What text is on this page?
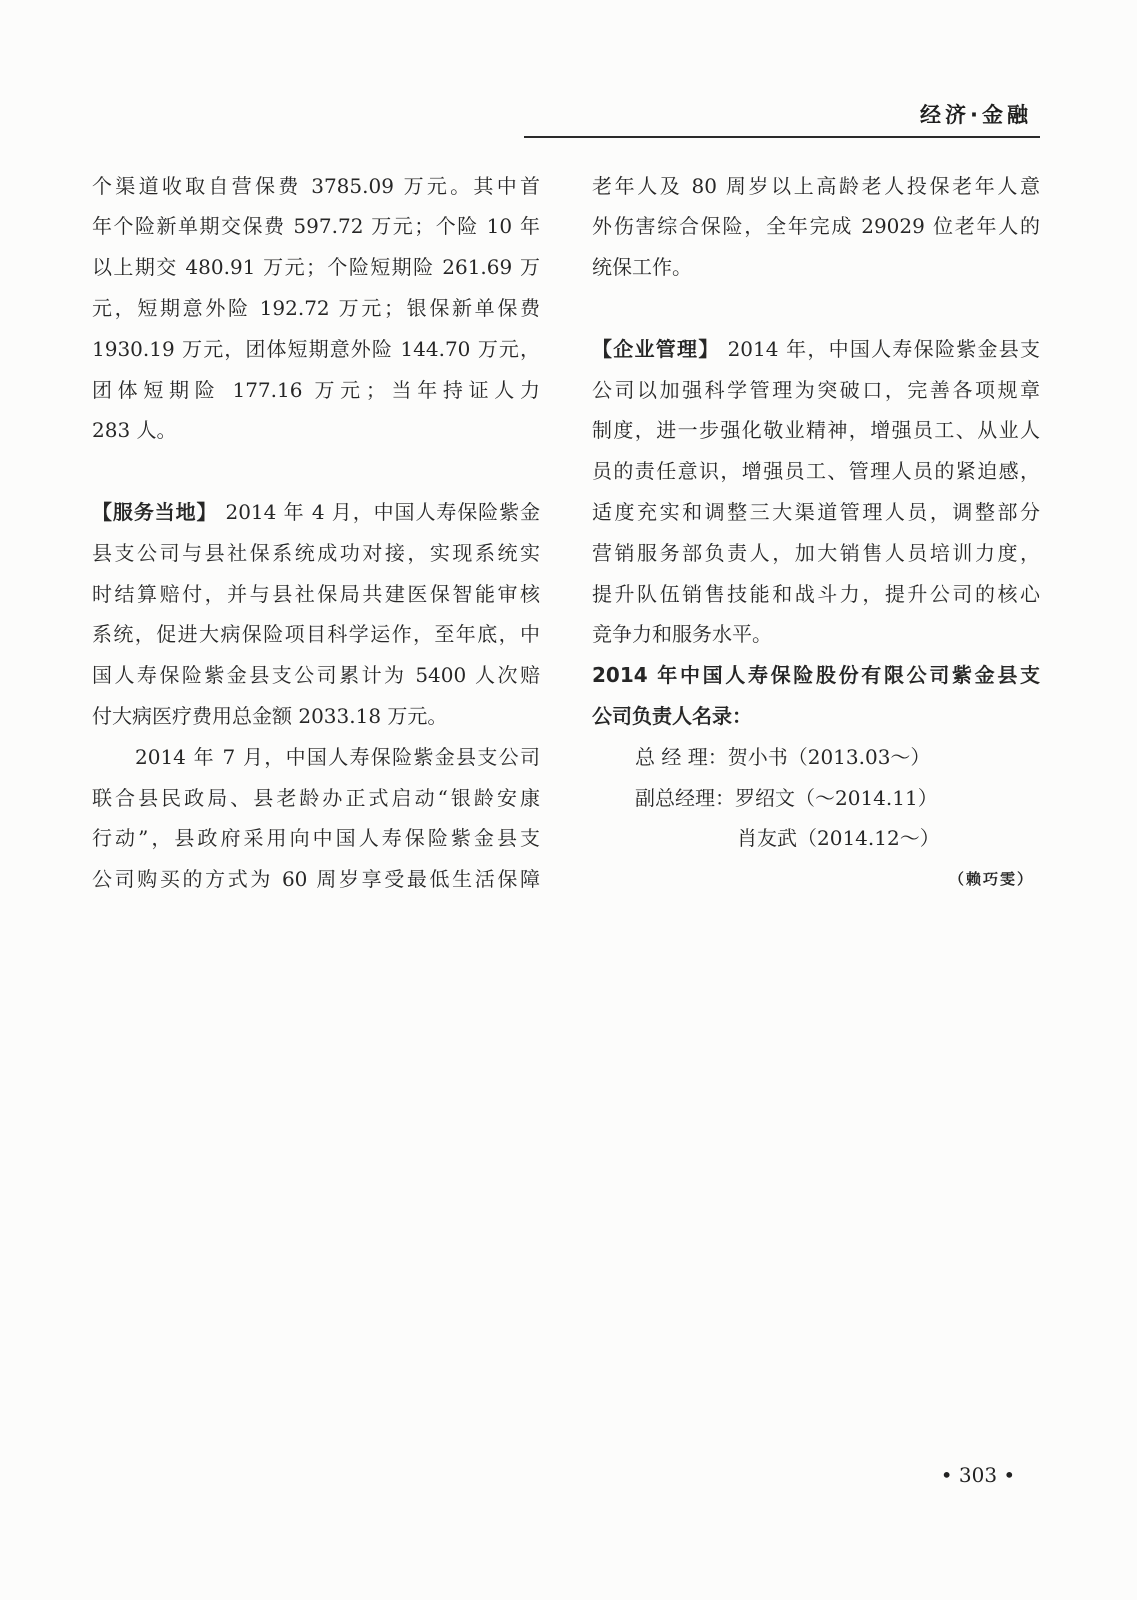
经济·金融
个渠道收取自营保费 3785.09 万元。其中首
年个险新单期交保费 597.72 万元；个险 10 年
以上期交 480.91 万元；个险短期险 261.69 万
元，短期意外险 192.72 万元；银保新单保费
1930.19 万元，团体短期意外险 144.70 万元，
团体短期险 177.16 万元；当年持证人力
283 人。
【服务当地】 2014 年 4 月，中国人寿保险紫金
县支公司与县社保系统成功对接，实现系统实
时结算赔付，并与县社保局共建医保智能审核
系统，促进大病保险项目科学运作，至年底，中
国人寿保险紫金县支公司累计为 5400 人次赔
付大病医疗费用总金额 2033.18 万元。
2014 年 7 月，中国人寿保险紫金县支公司
联合县民政局、县老龄办正式启动“银龄安康
行动”，县政府采用向中国人寿保险紫金县支
公司购买的方式为 60 周岁享受最低生活保障
老年人及 80 周岁以上高龄老人投保老年人意
外伤害综合保险，全年完成 29029 位老年人的
统保工作。
【企业管理】 2014 年，中国人寿保险紫金县支
公司以加强科学管理为突破口，完善各项规章
制度，进一步强化敬业精神，增强员工、从业人
员的责任意识，增强员工、管理人员的紧迫感，
适度充实和调整三大渠道管理人员，调整部分
营销服务部负责人，加大销售人员培训力度，
提升队伍销售技能和战斗力，提升公司的核心
竞争力和服务水平。
2014 年中国人寿保险股份有限公司紫金县支
公司负责人名录：
总 经 理：贺小书（2013.03～）
副总经理：罗绍文（～2014.11）
肖友武（2014.12～）
（赖巧雯）
• 303 •
